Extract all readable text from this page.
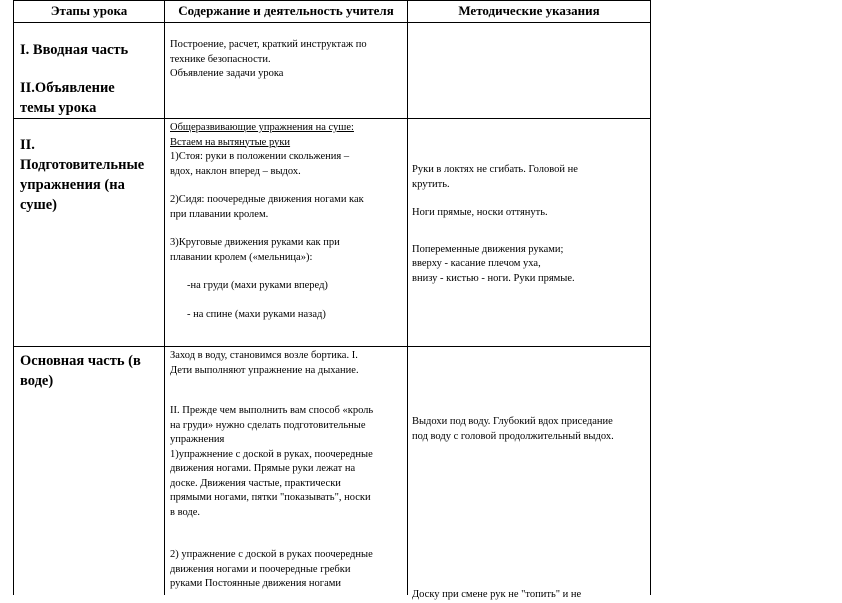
Этапы урока	Содержание и деятельность учителя	Методические указания

I. Вводная часть

II.Объявление

темы урока

Построение, расчет, краткий инструктаж по

технике безопасности.

Объявление задачи урока

II.

Подготовительные

упражнения (на

суше)

Общеразвивающие упражнения на суше:

Встаем на вытянутые руки

1)Стоя: руки в положении скольжения –

вдох, наклон вперед – выдох.

2)Сидя: поочередные движения ногами как

при плавании кролем.

3)Круговые движения руками как при

плавании кролем («мельница»):

-на груди (махи руками вперед)

- на спине (махи руками назад)

Руки в локтях не сгибать. Головой не

крутить.

Ноги прямые, носки оттянуть.

Попеременные движения руками;

вверху - касание плечом уха,

внизу - кистью - ноги. Руки прямые.

Основная часть (в

воде)

Заход в воду, становимся возле бортика. I.

Дети выполняют упражнение на дыхание.

II. Прежде чем выполнить вам способ «кроль

на груди» нужно сделать подготовительные

упражнения

1)упражнение с доской в руках, поочередные

движения ногами. Прямые руки лежат на

доске. Движения частые, практически

прямыми ногами, пятки "показывать", носки

в воде.

2) упражнение с доской в руках поочередные

движения ногами и поочередные гребки

руками Постоянные движения ногами

Выдохи под воду. Глубокий вдох приседание

под воду с головой продолжительный выдох.

Доску при смене рук не "топить" и не
